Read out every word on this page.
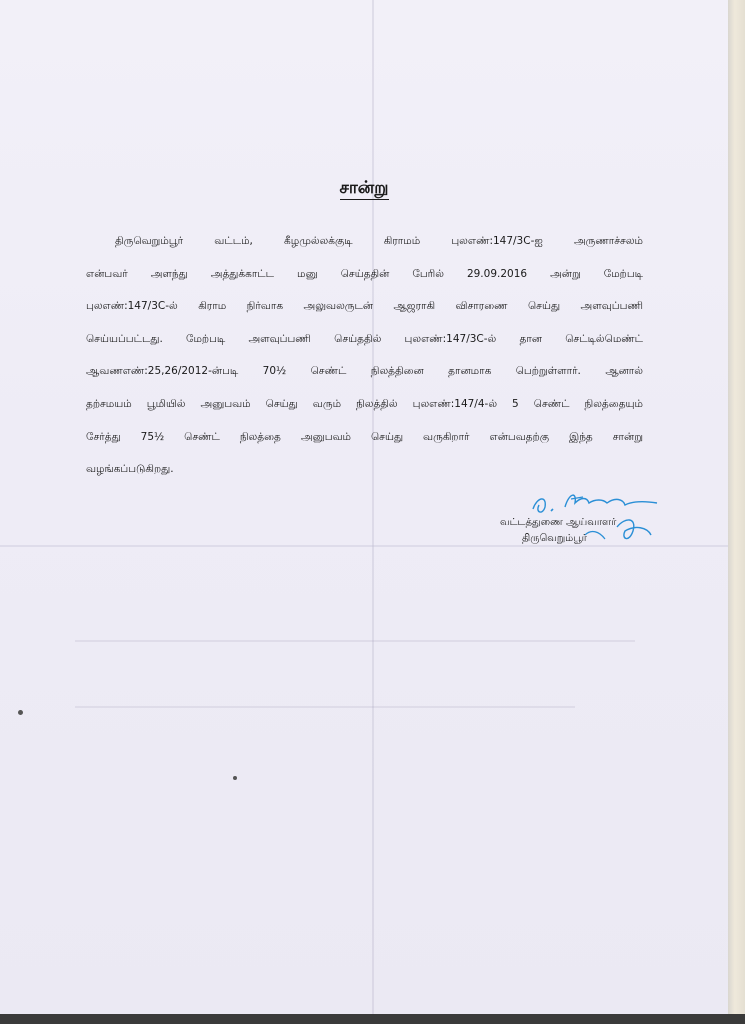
சான்று
திருவெறும்பூர் வட்டம், கீழமுல்லக்குடி கிராமம் புலஎண்:147/3C-ஐ அருணாச்சலம்
என்பவர் அளந்து அத்துக்காட்ட மனு செய்ததின் பேரில் 29.09.2016 அன்று மேற்படி
புலஎண்:147/3C-ல் கிராம நிர்வாக அலுவலருடன் ஆஜராகி விசாரணை செய்து அளவுப்பணி
செய்யப்பட்டது. மேற்படி அளவுப்பணி செய்ததில் புலஎண்:147/3C-ல் தான செட்டில்மெண்ட்
ஆவணஎண்:25,26/2012-ன்படி 70½ செண்ட் நிலத்தினை தானமாக பெற்றுள்ளார். ஆனால்
தற்சமயம் பூமியில் அனுபவம் செய்து வரும் நிலத்தில் புலஎண்:147/4-ல் 5 செண்ட் நிலத்தையும்
சேர்த்து 75½ செண்ட் நிலத்தை அனுபவம் செய்து வருகிறார் என்பவதற்கு இந்த சான்று
வழங்கப்படுகிறது.
வட்டத்துணை ஆய்வாளர்
திருவெறும்பூர்
